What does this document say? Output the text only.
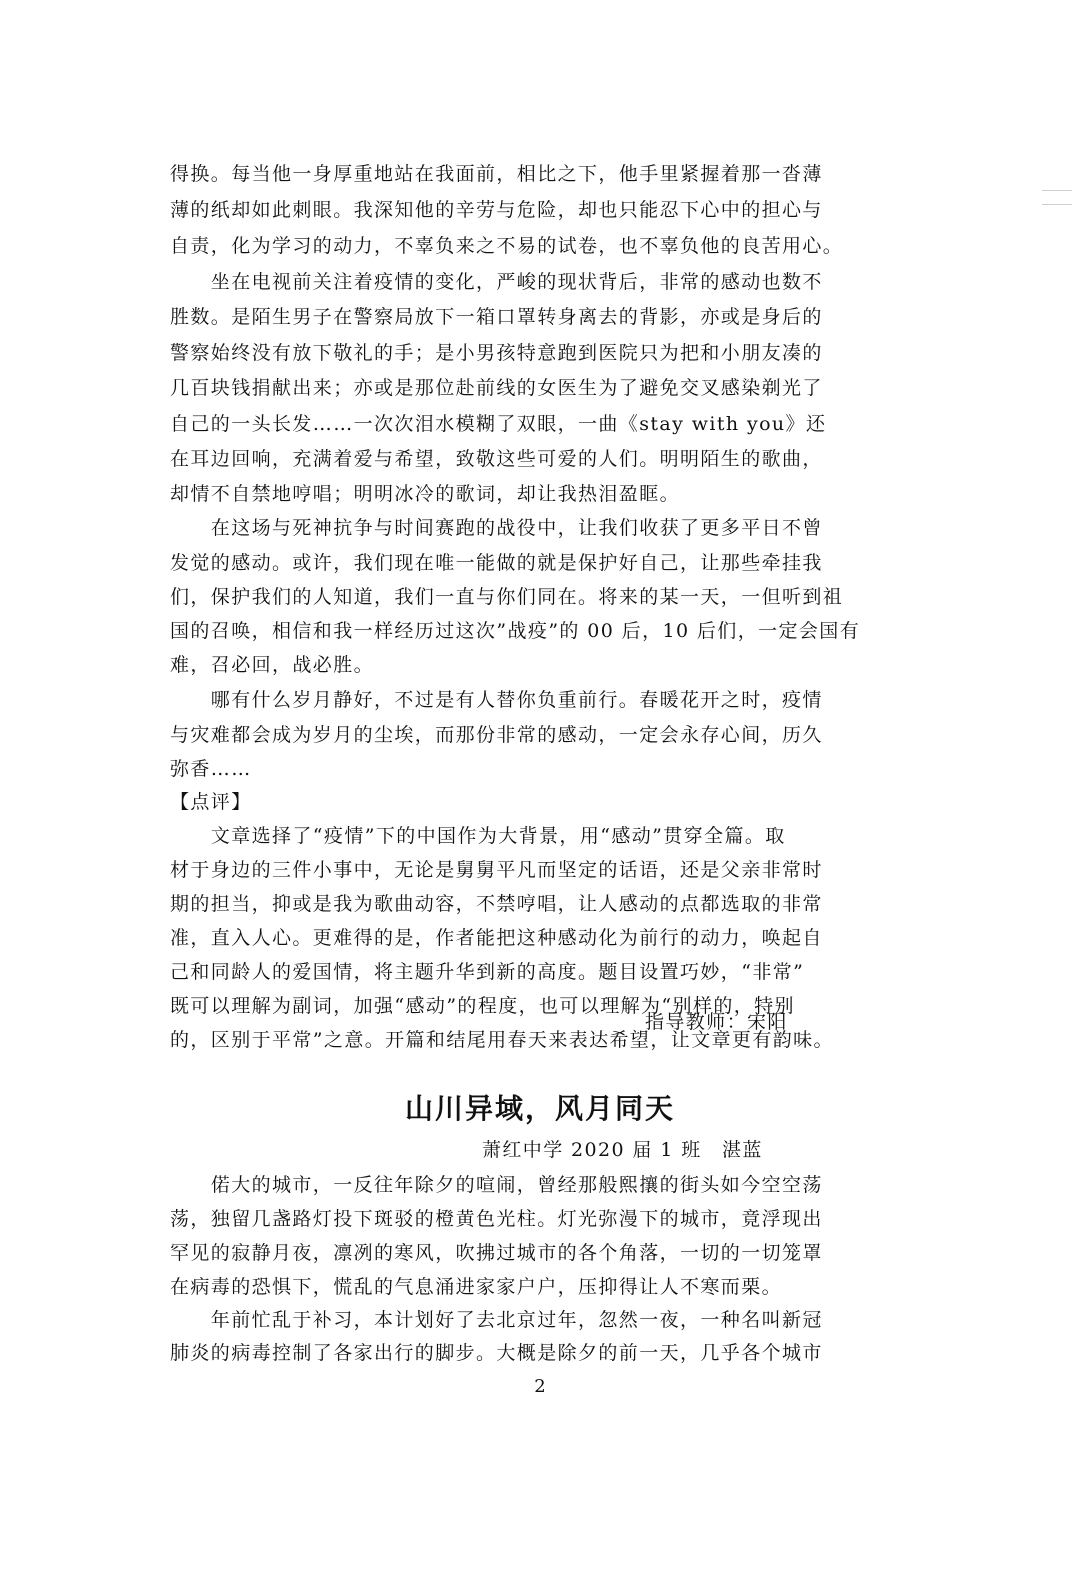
得换。每当他一身厚重地站在我面前，相比之下，他手里紧握着那一沓薄
薄的纸却如此刺眼。我深知他的辛劳与危险，却也只能忍下心中的担心与
自责，化为学习的动力，不辜负来之不易的试卷，也不辜负他的良苦用心。
　　坐在电视前关注着疫情的变化，严峻的现状背后，非常的感动也数不
胜数。是陌生男子在警察局放下一箱口罩转身离去的背影，亦或是身后的
警察始终没有放下敬礼的手；是小男孩特意跑到医院只为把和小朋友凑的
几百块钱捐献出来；亦或是那位赴前线的女医生为了避免交叉感染剃光了
自己的一头长发……一次次泪水模糊了双眼，一曲《stay with you》还
在耳边回响，充满着爱与希望，致敬这些可爱的人们。明明陌生的歌曲，
却情不自禁地哼唱；明明冰冷的歌词，却让我热泪盈眶。
　　在这场与死神抗争与时间赛跑的战役中，让我们收获了更多平日不曾
发觉的感动。或许，我们现在唯一能做的就是保护好自己，让那些牵挂我
们，保护我们的人知道，我们一直与你们同在。将来的某一天，一但听到祖
国的召唤，相信和我一样经历过这次”战疫”的 00 后，10 后们，一定会国有
难，召必回，战必胜。
　　哪有什么岁月静好，不过是有人替你负重前行。春暖花开之时，疫情
与灾难都会成为岁月的尘埃，而那份非常的感动，一定会永存心间，历久
弥香……
【点评】
　　文章选择了“疫情”下的中国作为大背景，用“感动”贯穿全篇。取
材于身边的三件小事中，无论是舅舅平凡而坚定的话语，还是父亲非常时
期的担当，抑或是我为歌曲动容，不禁哼唱，让人感动的点都选取的非常
准，直入人心。更难得的是，作者能把这种感动化为前行的动力，唤起自
己和同龄人的爱国情，将主题升华到新的高度。题目设置巧妙，“非常”
既可以理解为副词，加强“感动”的程度，也可以理解为“别样的，特别
的，区别于平常”之意。开篇和结尾用春天来表达希望，让文章更有韵味。
指导教师：宋阳
山川异域，风月同天
萧红中学 2020 届 1 班　湛蓝
　　偌大的城市，一反往年除夕的喧闹，曾经那般熙攘的街头如今空空荡
荡，独留几盏路灯投下斑驳的橙黄色光柱。灯光弥漫下的城市，竟浮现出
罕见的寂静月夜，凛冽的寒风，吹拂过城市的各个角落，一切的一切笼罩
在病毒的恐惧下，慌乱的气息涌进家家户户，压抑得让人不寒而栗。
　　年前忙乱于补习，本计划好了去北京过年，忽然一夜，一种名叫新冠
肺炎的病毒控制了各家出行的脚步。大概是除夕的前一天，几乎各个城市
2
